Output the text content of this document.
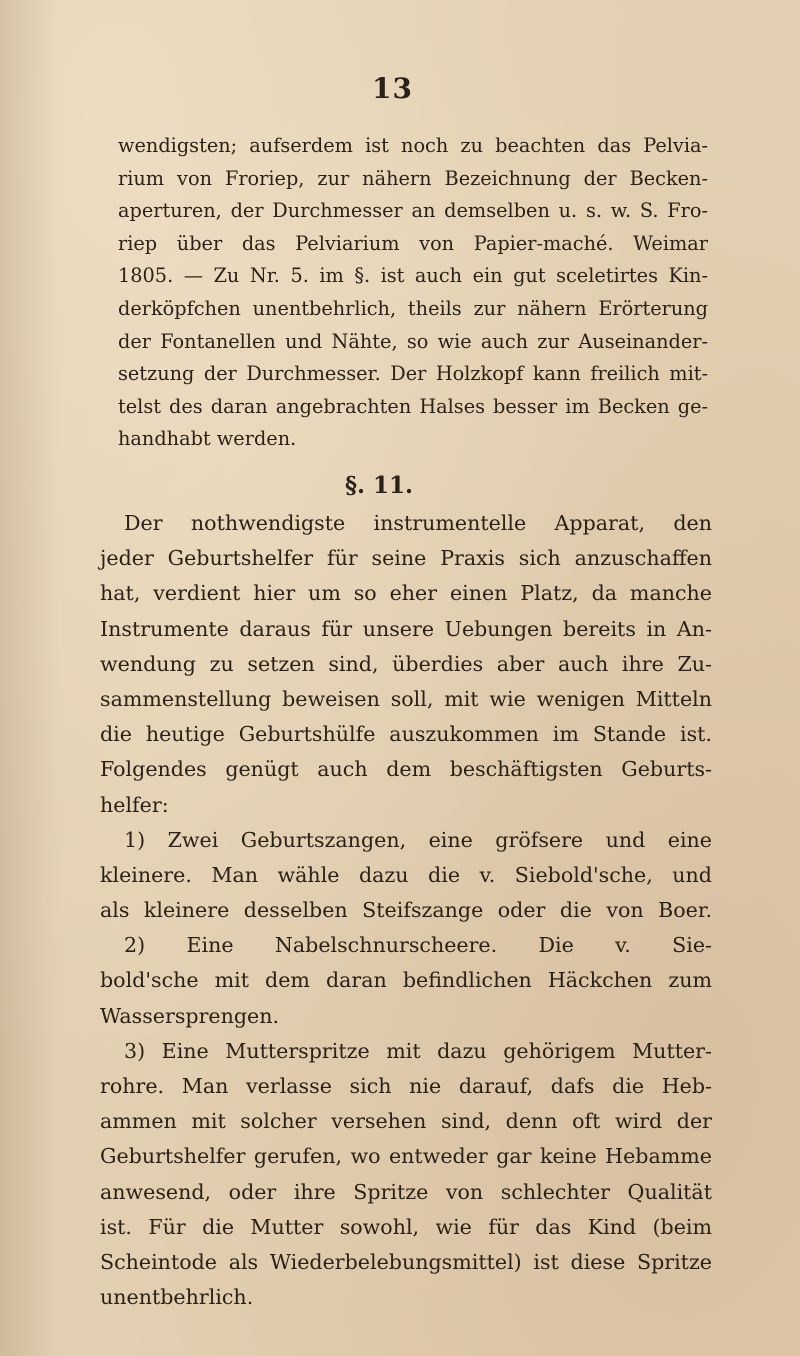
13
wendigsten; aufserdem ist noch zu beachten das Pelvia-
rium von Froriep, zur nähern Bezeichnung der Becken-
aperturen, der Durchmesser an demselben u. s. w. S. Fro-
riep über das Pelviarium von Papier-maché. Weimar
1805. — Zu Nr. 5. im §. ist auch ein gut sceletirtes Kin-
derköpfchen unentbehrlich, theils zur nähern Erörterung
der Fontanellen und Nähte, so wie auch zur Auseinander-
setzung der Durchmesser. Der Holzkopf kann freilich mit-
telst des daran angebrachten Halses besser im Becken ge-
handhabt werden.
§. 11.
Der nothwendigste instrumentelle Apparat, den
jeder Geburtshelfer für seine Praxis sich anzuschaffen
hat, verdient hier um so eher einen Platz, da manche
Instrumente daraus für unsere Uebungen bereits in An-
wendung zu setzen sind, überdies aber auch ihre Zu-
sammenstellung beweisen soll, mit wie wenigen Mitteln
die heutige Geburtshülfe auszukommen im Stande ist.
Folgendes genügt auch dem beschäftigsten Geburts-
helfer:
1) Zwei Geburtszangen, eine gröfsere und eine
kleinere. Man wähle dazu die v. Siebold'sche, und
als kleinere desselben Steifszange oder die von Boer.
2) Eine Nabelschnurscheere. Die v. Sie-
bold'sche mit dem daran befindlichen Häckchen zum
Wassersprengen.
3) Eine Mutterspritze mit dazu gehörigem Mutter-
rohre. Man verlasse sich nie darauf, dafs die Heb-
ammen mit solcher versehen sind, denn oft wird der
Geburtshelfer gerufen, wo entweder gar keine Hebamme
anwesend, oder ihre Spritze von schlechter Qualität
ist. Für die Mutter sowohl, wie für das Kind (beim
Scheintode als Wiederbelebungsmittel) ist diese Spritze
unentbehrlich.
